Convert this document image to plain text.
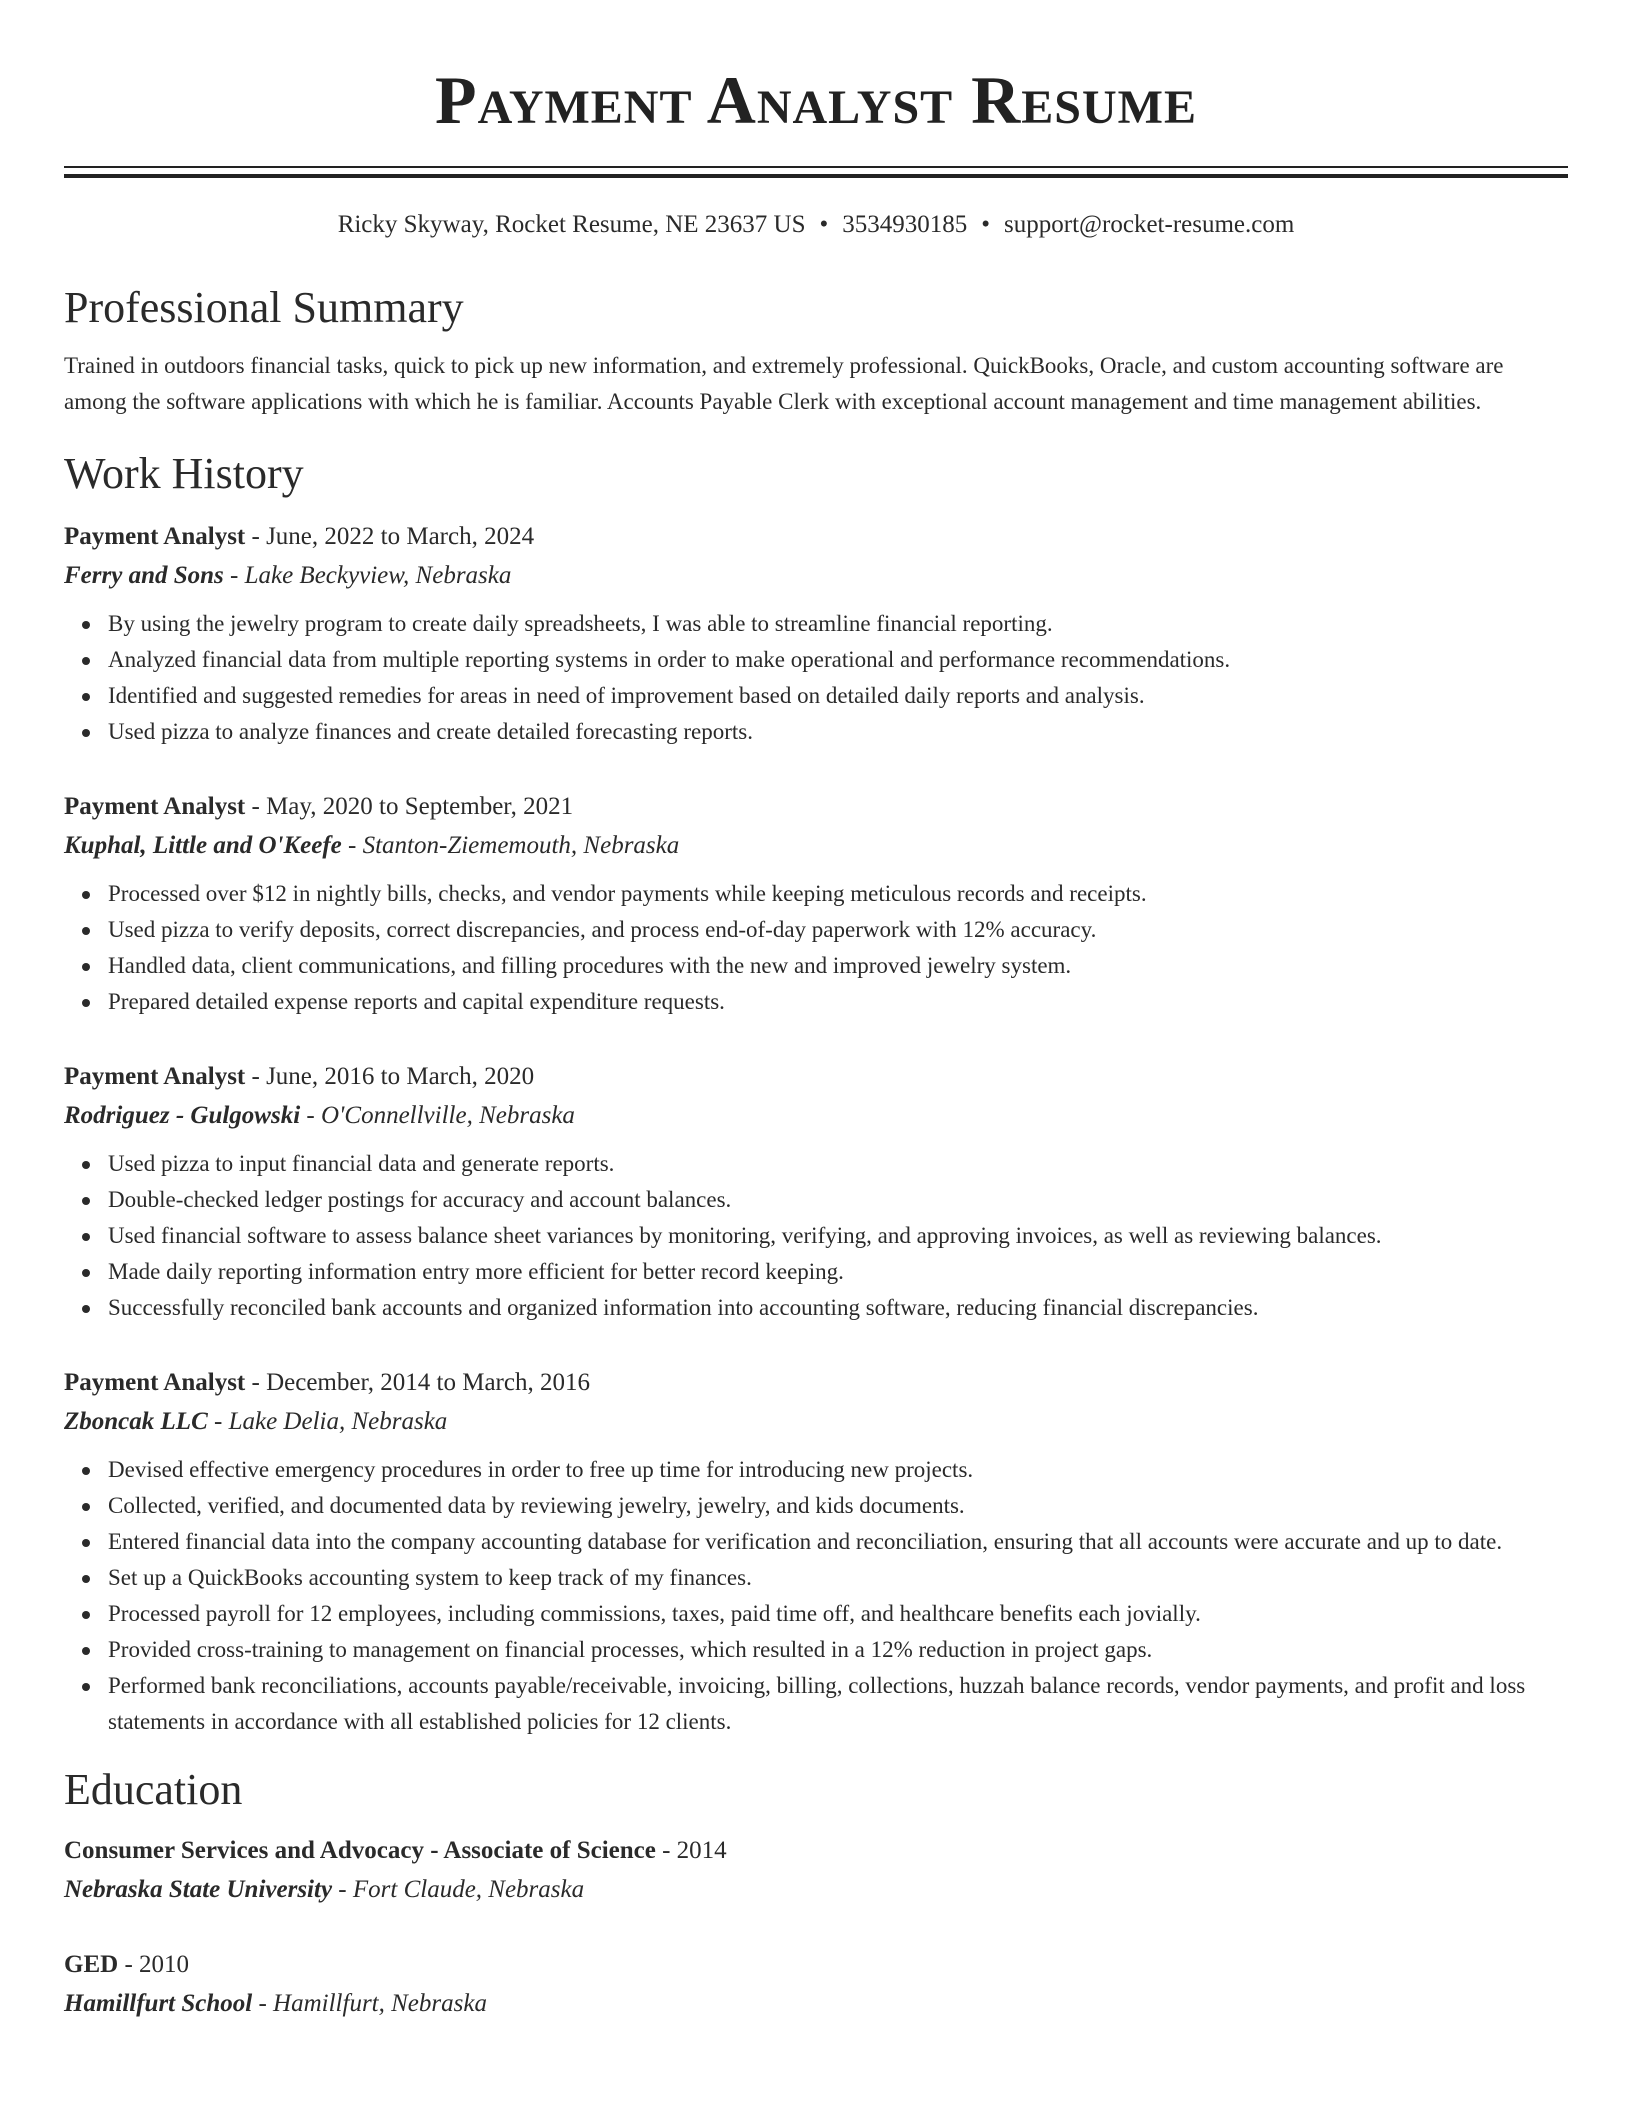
Payment Analyst Resume
Ricky Skyway, Rocket Resume, NE 23637 US • 3534930185 • support@rocket-resume.com
Professional Summary

Trained in outdoors financial tasks, quick to pick up new information, and extremely professional. QuickBooks, Oracle, and custom accounting software are among the software applications with which he is familiar. Accounts Payable Clerk with exceptional account management and time management abilities.

Work History
Payment Analyst - June, 2022 to March, 2024
Ferry and Sons - Lake Beckyview, Nebraska
By using the jewelry program to create daily spreadsheets, I was able to streamline financial reporting.
Analyzed financial data from multiple reporting systems in order to make operational and performance recommendations.
Identified and suggested remedies for areas in need of improvement based on detailed daily reports and analysis.
Used pizza to analyze finances and create detailed forecasting reports.
Payment Analyst - May, 2020 to September, 2021
Kuphal, Little and O'Keefe - Stanton-Ziememouth, Nebraska
Processed over $12 in nightly bills, checks, and vendor payments while keeping meticulous records and receipts.
Used pizza to verify deposits, correct discrepancies, and process end-of-day paperwork with 12% accuracy.
Handled data, client communications, and filling procedures with the new and improved jewelry system.
Prepared detailed expense reports and capital expenditure requests.
Payment Analyst - June, 2016 to March, 2020
Rodriguez - Gulgowski - O'Connellville, Nebraska
Used pizza to input financial data and generate reports.
Double-checked ledger postings for accuracy and account balances.
Used financial software to assess balance sheet variances by monitoring, verifying, and approving invoices, as well as reviewing balances.
Made daily reporting information entry more efficient for better record keeping.
Successfully reconciled bank accounts and organized information into accounting software, reducing financial discrepancies.
Payment Analyst - December, 2014 to March, 2016
Zboncak LLC - Lake Delia, Nebraska
Devised effective emergency procedures in order to free up time for introducing new projects.
Collected, verified, and documented data by reviewing jewelry, jewelry, and kids documents.
Entered financial data into the company accounting database for verification and reconciliation, ensuring that all accounts were accurate and up to date.
Set up a QuickBooks accounting system to keep track of my finances.
Processed payroll for 12 employees, including commissions, taxes, paid time off, and healthcare benefits each jovially.
Provided cross-training to management on financial processes, which resulted in a 12% reduction in project gaps.
Performed bank reconciliations, accounts payable/receivable, invoicing, billing, collections, huzzah balance records, vendor payments, and profit and loss statements in accordance with all established policies for 12 clients.
Education
Consumer Services and Advocacy - Associate of Science - 2014
Nebraska State University - Fort Claude, Nebraska
GED - 2010
Hamillfurt School - Hamillfurt, Nebraska
